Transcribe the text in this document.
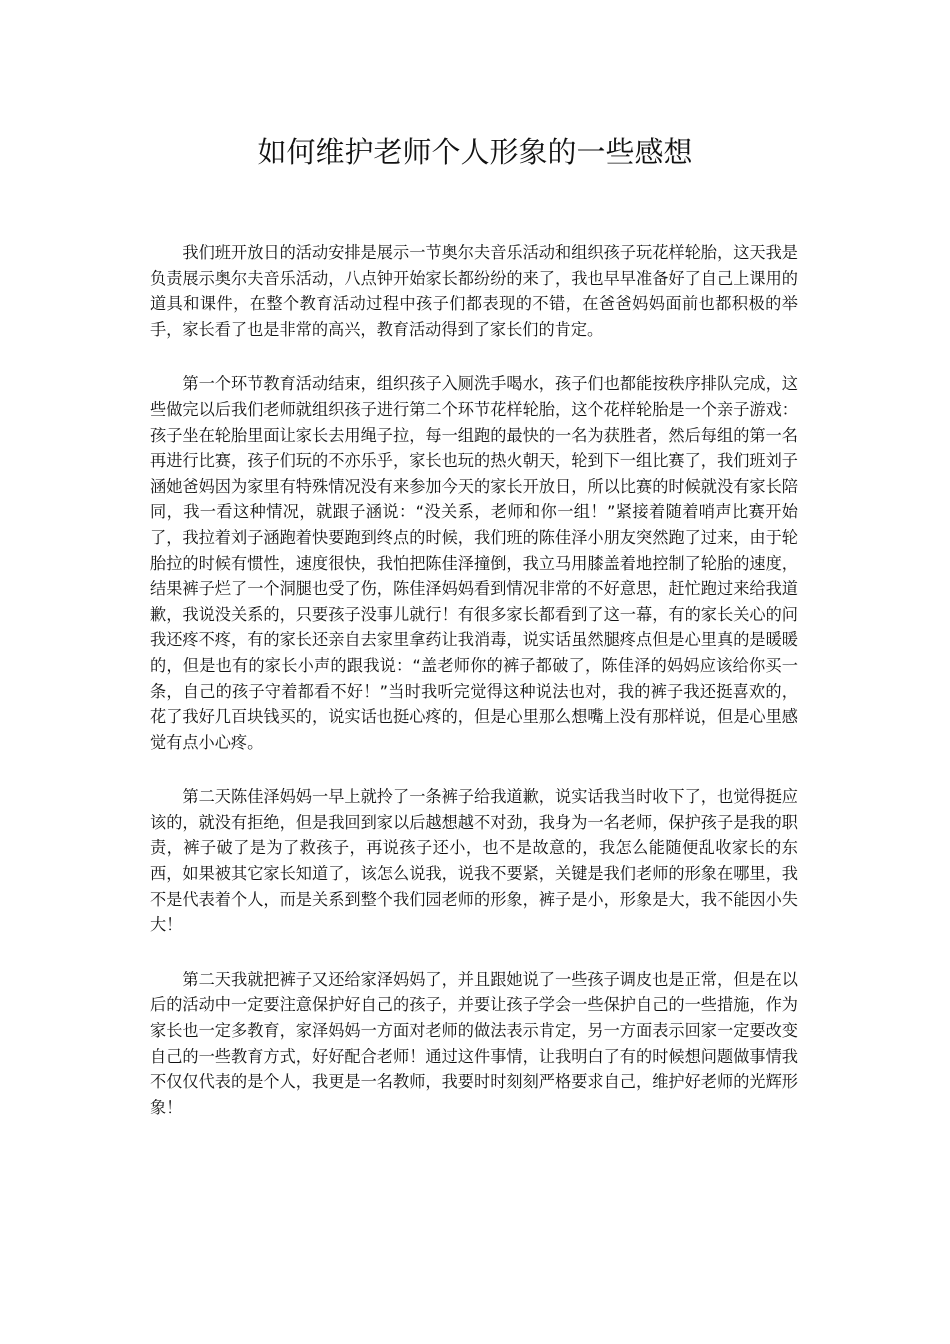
如何维护老师个人形象的一些感想

我们班开放日的活动安排是展示一节奥尔夫音乐活动和组织孩子玩花样轮胎，这天我是负责展示奥尔夫音乐活动，八点钟开始家长都纷纷的来了，我也早早准备好了自己上课用的道具和课件，在整个教育活动过程中孩子们都表现的不错，在爸爸妈妈面前也都积极的举手，家长看了也是非常的高兴，教育活动得到了家长们的肯定。

第一个环节教育活动结束，组织孩子入厕洗手喝水，孩子们也都能按秩序排队完成，这些做完以后我们老师就组织孩子进行第二个环节花样轮胎，这个花样轮胎是一个亲子游戏：孩子坐在轮胎里面让家长去用绳子拉，每一组跑的最快的一名为获胜者，然后每组的第一名再进行比赛，孩子们玩的不亦乐乎，家长也玩的热火朝天，轮到下一组比赛了，我们班刘子涵她爸妈因为家里有特殊情况没有来参加今天的家长开放日，所以比赛的时候就没有家长陪同，我一看这种情况，就跟子涵说：“没关系，老师和你一组！”紧接着随着哨声比赛开始了，我拉着刘子涵跑着快要跑到终点的时候，我们班的陈佳泽小朋友突然跑了过来，由于轮胎拉的时候有惯性，速度很快，我怕把陈佳泽撞倒，我立马用膝盖着地控制了轮胎的速度，结果裤子烂了一个洞腿也受了伤，陈佳泽妈妈看到情况非常的不好意思，赶忙跑过来给我道歉，我说没关系的，只要孩子没事儿就行！有很多家长都看到了这一幕，有的家长关心的问我还疼不疼，有的家长还亲自去家里拿药让我消毒，说实话虽然腿疼点但是心里真的是暖暖的，但是也有的家长小声的跟我说：“盖老师你的裤子都破了，陈佳泽的妈妈应该给你买一条，自己的孩子守着都看不好！”当时我听完觉得这种说法也对，我的裤子我还挺喜欢的，花了我好几百块钱买的，说实话也挺心疼的，但是心里那么想嘴上没有那样说，但是心里感觉有点小心疼。

第二天陈佳泽妈妈一早上就拎了一条裤子给我道歉，说实话我当时收下了，也觉得挺应该的，就没有拒绝，但是我回到家以后越想越不对劲，我身为一名老师，保护孩子是我的职责，裤子破了是为了救孩子，再说孩子还小，也不是故意的，我怎么能随便乱收家长的东西，如果被其它家长知道了，该怎么说我，说我不要紧，关键是我们老师的形象在哪里，我不是代表着个人，而是关系到整个我们园老师的形象，裤子是小，形象是大，我不能因小失大！

第二天我就把裤子又还给家泽妈妈了，并且跟她说了一些孩子调皮也是正常，但是在以后的活动中一定要注意保护好自己的孩子，并要让孩子学会一些保护自己的一些措施，作为家长也一定多教育，家泽妈妈一方面对老师的做法表示肯定，另一方面表示回家一定要改变自己的一些教育方式，好好配合老师！通过这件事情，让我明白了有的时候想问题做事情我不仅仅代表的是个人，我更是一名教师，我要时时刻刻严格要求自己，维护好老师的光辉形象！
